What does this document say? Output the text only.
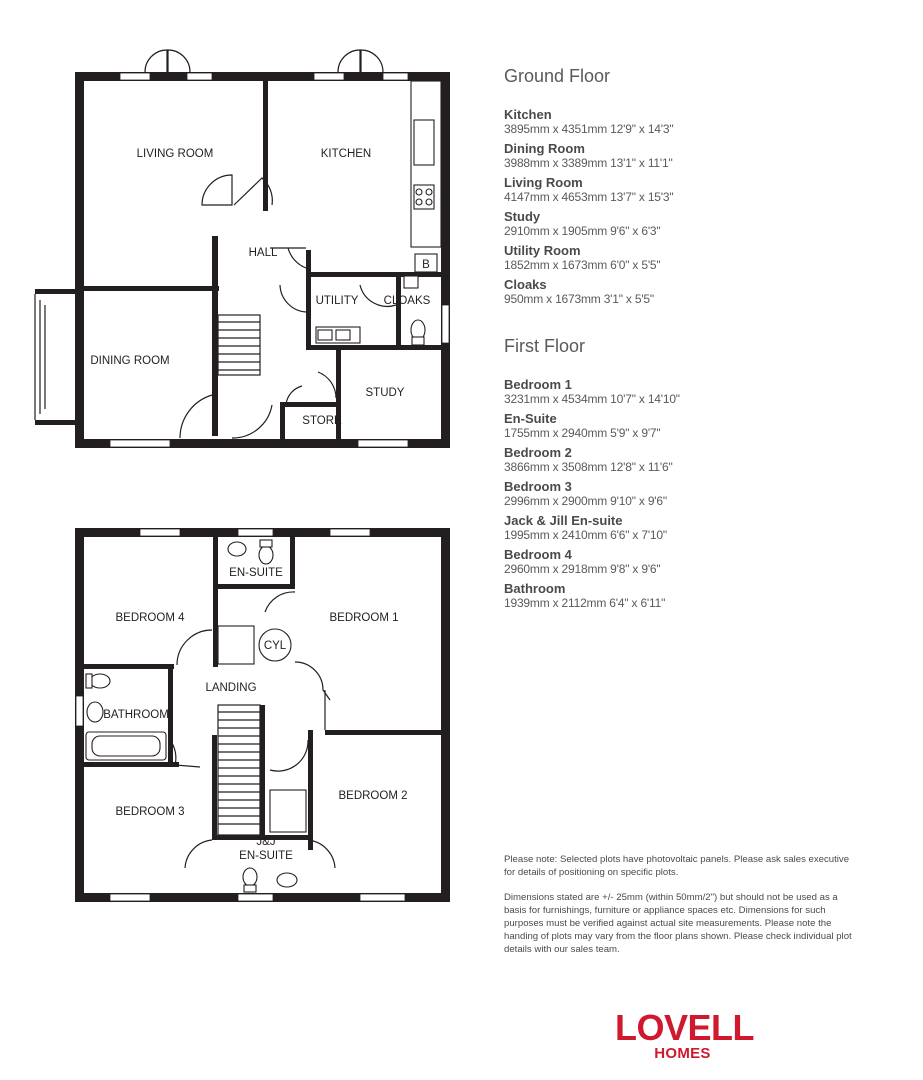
LIVING ROOM	KITCHEN
HALL
B
UTILITY CLOAKS
DINING ROOM
STUDY
STORE
EN-SUITE
BEDROOM 4	BEDROOM 1
CYL
LANDING
BATHROOM
BEDROOM 3
BEDROOM 2
J&J
EN-SUITE
Ground Floor
Kitchen
3895mm x 4351mm 12'9" x 14'3"
Dining Room
3988mm x 3389mm 13'1" x 11'1"
Living Room
4147mm x 4653mm 13'7" x 15'3"
Study
2910mm x 1905mm 9'6" x 6'3"
Utility Room
1852mm x 1673mm 6'0" x 5'5"
Cloaks
950mm x 1673mm 3'1" x 5'5"
First Floor
Bedroom 1
3231mm x 4534mm 10'7" x 14'10"
En-Suite
1755mm x 2940mm 5'9" x 9'7"
Bedroom 2
3866mm x 3508mm 12'8" x 11'6"
Bedroom 3
2996mm x 2900mm 9'10" x 9'6"
Jack & Jill En-suite
1995mm x 2410mm 6'6" x 7'10"
Bedroom 4
2960mm x 2918mm 9'8" x 9'6"
Bathroom
1939mm x 2112mm 6'4" x 6'11"

Please note: Selected plots have photovoltaic panels. Please ask sales executive for details of positioning on specific plots.

Dimensions stated are +/- 25mm (within 50mm/2") but should not be used as a basis for furnishings, furniture or appliance spaces etc. Dimensions for such purposes must be verified against actual site measurements. Please note the handing of plots may vary from the floor plans shown. Please check individual plot details with our sales team.

LOVELL
HOMES
